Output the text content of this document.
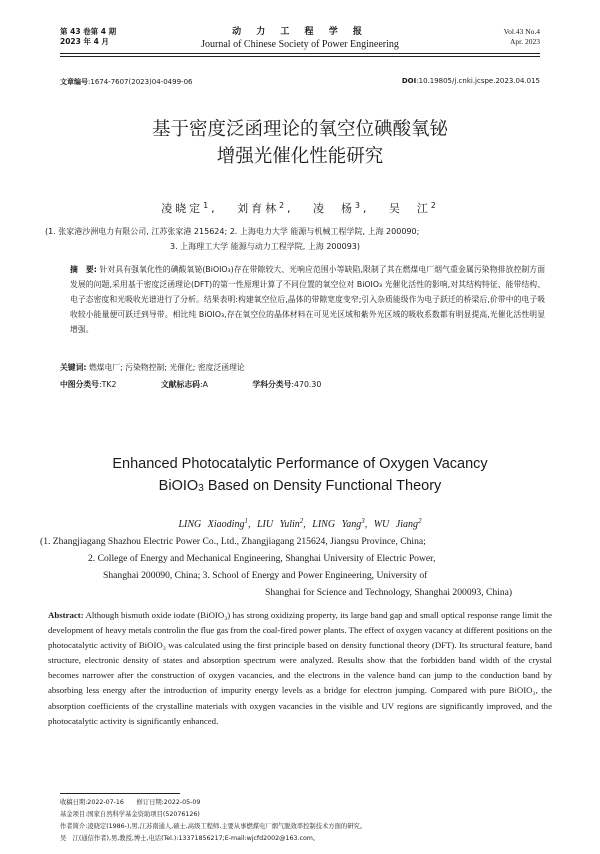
第 43 卷第 4 期
2023 年 4 月
动 力 工 程 学 报
Journal of Chinese Society of Power Engineering
Vol.43 No.4
Apr. 2023
文章编号:1674-7607(2023)04-0499-06	DOI:10.19805/j.cnki.jcspe.2023.04.015
基于密度泛函理论的氧空位碘酸氧铋
增强光催化性能研究
凌晓定$^1$,   刘育林$^2$,   凌　杨$^3$,   吴　江$^2$
(1. 张家港沙洲电力有限公司, 江苏张家港 215624; 2. 上海电力大学 能源与机械工程学院, 上海 200090;
3. 上海理工大学 能源与动力工程学院, 上海 200093)
摘　要: 针对具有强氧化性的碘酸氧铋(BiOIO₃)存在带隙较大、光响应范围小等缺陷,限制了其在燃煤电厂烟气重金属污染物排放控制方面发展的问题,采用基于密度泛函理论(DFT)的第一性原理计算了不同位置的氧空位对 BiOIO₃ 光催化活性的影响,对其结构特征、能带结构、电子态密度和光吸收光谱进行了分析。结果表明:构建氧空位后,晶体的带隙宽度变窄;引入杂质能级作为电子跃迁的桥梁后,价带中的电子吸收较小能量便可跃迁到导带。相比纯 BiOIO₃,存在氧空位的晶体材料在可见光区域和紫外光区域的吸收系数都有明显提高,光催化活性明显增强。
关键词: 燃煤电厂; 污染物控制; 光催化; 密度泛函理论
中图分类号:TK2	文献标志码:A	学科分类号:470.30
Enhanced Photocatalytic Performance of Oxygen Vacancy
BiOIO3 Based on Density Functional Theory
LING Xiaoding$^1$, LIU Yulin$^2$, LING Yang$^3$, WU Jiang$^2$
(1. Zhangjiagang Shazhou Electric Power Co., Ltd., Zhangjiagang 215624, Jiangsu Province, China;
2. College of Energy and Mechanical Engineering, Shanghai University of Electric Power,
Shanghai 200090, China; 3. School of Energy and Power Engineering, University of
Shanghai for Science and Technology, Shanghai 200093, China)
Abstract: Although bismuth oxide iodate (BiOIO₃) has strong oxidizing property, its large band gap and small optical response range limit the development of heavy metals controlin the flue gas from the coal-fired power plants. The effect of oxygen vacancy at different positions on the photocatalytic activity of BiOIO₃ was calculated using the first principle based on density functional theory (DFT). Its structural feature, band structure, electronic density of states and absorption spectrum were analyzed. Results show that the forbidden band width of the crystal becomes narrower after the construction of oxygen vacancies, and the electrons in the valence band can jump to the conduction band by absorbing less energy after the introduction of impurity energy levels as a bridge for electron jumping. Compared with pure BiOIO₃, the absorption coefficients of the crystalline materials with oxygen vacancies in the visible and UV regions are significantly improved, and the photocatalytic activity is significantly enhanced.
收稿日期:2022-07-16　　修订日期:2022-05-09
基金项目:国家自然科学基金资助项目(52076126)
作者简介:凌晓定(1986-),男,江苏南通人,硕士,高级工程师,主要从事燃煤电厂烟气脱效率控制技术方面的研究。
吴　江(通信作者),男,教授,博士,电话(Tel.):13371856217;E-mail:wjcfd2002@163.com。
